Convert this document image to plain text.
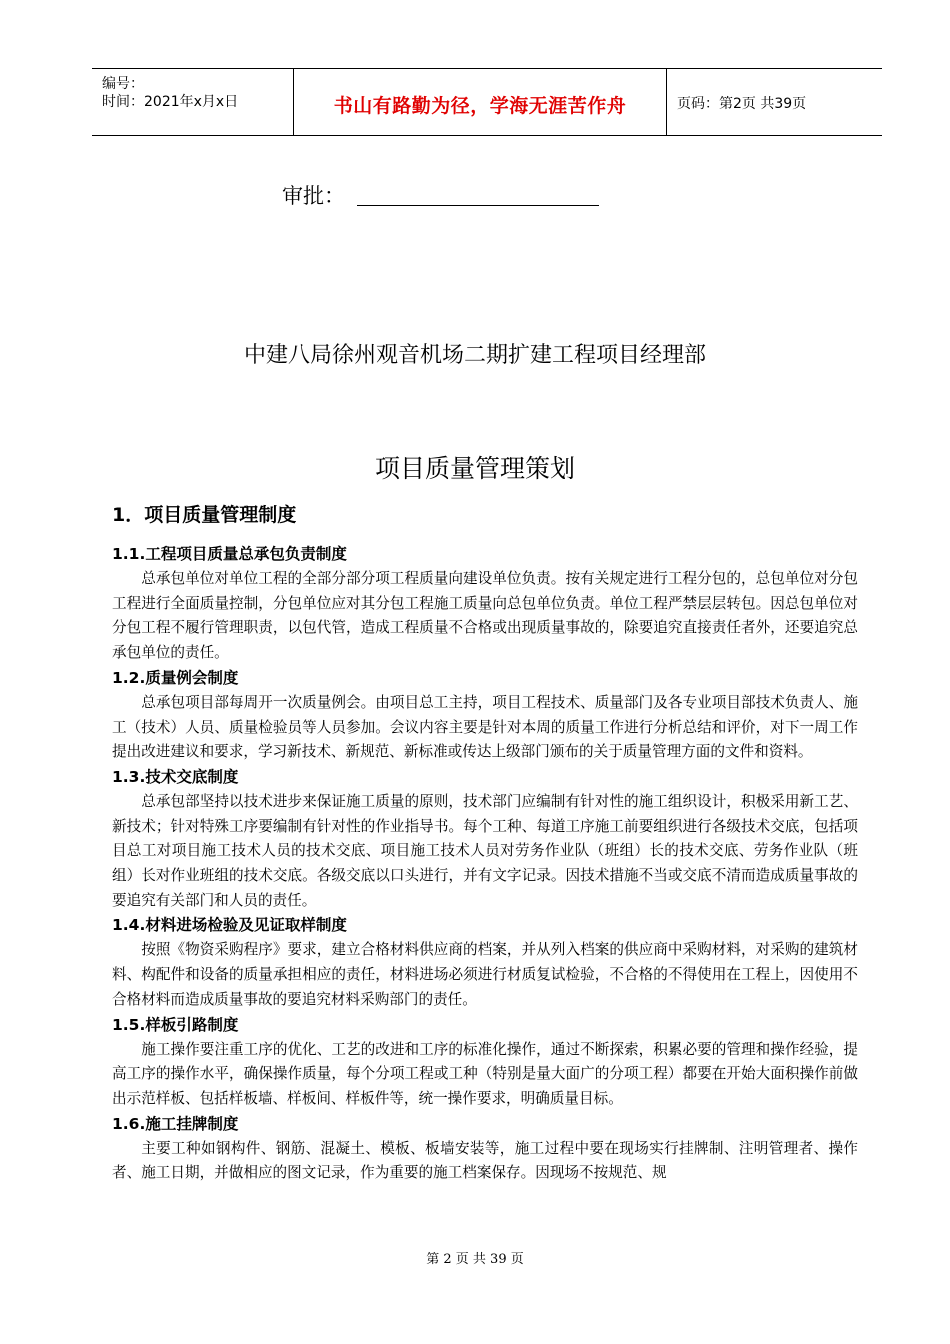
编号：
时间：2021年x月x日	书山有路勤为径，学海无涯苦作舟	页码：第2页 共39页
审批：
中建八局徐州观音机场二期扩建工程项目经理部
项目质量管理策划
1．项目质量管理制度
1.1.工程项目质量总承包负责制度

总承包单位对单位工程的全部分部分项工程质量向建设单位负责。按有关规定进行工程分包的，总包单位对分包工程进行全面质量控制，分包单位应对其分包工程施工质量向总包单位负责。单位工程严禁层层转包。因总包单位对分包工程不履行管理职责，以包代管，造成工程质量不合格或出现质量事故的，除要追究直接责任者外，还要追究总承包单位的责任。

1.2.质量例会制度

总承包项目部每周开一次质量例会。由项目总工主持，项目工程技术、质量部门及各专业项目部技术负责人、施工（技术）人员、质量检验员等人员参加。会议内容主要是针对本周的质量工作进行分析总结和评价，对下一周工作提出改进建议和要求，学习新技术、新规范、新标准或传达上级部门颁布的关于质量管理方面的文件和资料。

1.3.技术交底制度

总承包部坚持以技术进步来保证施工质量的原则，技术部门应编制有针对性的施工组织设计，积极采用新工艺、新技术；针对特殊工序要编制有针对性的作业指导书。每个工种、每道工序施工前要组织进行各级技术交底，包括项目总工对项目施工技术人员的技术交底、项目施工技术人员对劳务作业队（班组）长的技术交底、劳务作业队（班组）长对作业班组的技术交底。各级交底以口头进行，并有文字记录。因技术措施不当或交底不清而造成质量事故的要追究有关部门和人员的责任。

1.4.材料进场检验及见证取样制度

按照《物资采购程序》要求，建立合格材料供应商的档案，并从列入档案的供应商中采购材料，对采购的建筑材料、构配件和设备的质量承担相应的责任，材料进场必须进行材质复试检验，不合格的不得使用在工程上，因使用不合格材料而造成质量事故的要追究材料采购部门的责任。

1.5.样板引路制度

施工操作要注重工序的优化、工艺的改进和工序的标准化操作，通过不断探索，积累必要的管理和操作经验，提高工序的操作水平，确保操作质量，每个分项工程或工种（特别是量大面广的分项工程）都要在开始大面积操作前做出示范样板、包括样板墙、样板间、样板件等，统一操作要求，明确质量目标。

1.6.施工挂牌制度

主要工种如钢构件、钢筋、混凝土、模板、板墙安装等，施工过程中要在现场实行挂牌制、注明管理者、操作者、施工日期，并做相应的图文记录，作为重要的施工档案保存。因现场不按规范、规

第 2 页 共 39 页
